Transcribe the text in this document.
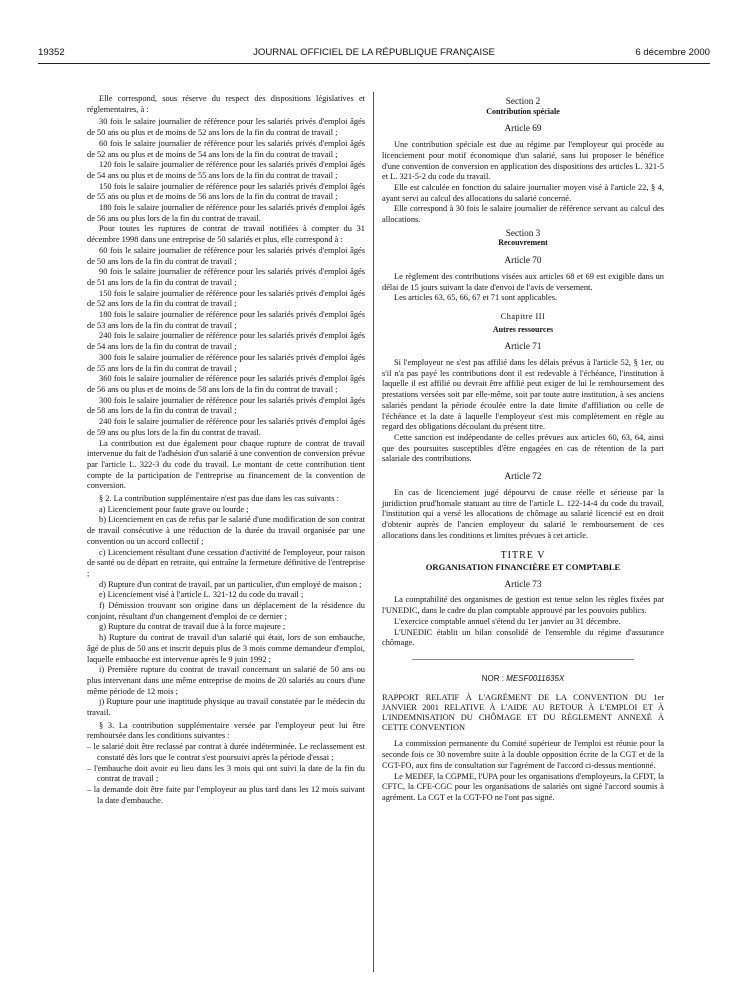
19352	JOURNAL OFFICIEL DE LA RÉPUBLIQUE FRANÇAISE	6 décembre 2000

Elle correspond, sous réserve du respect des dispositions législatives et réglementaires, à :

30 fois le salaire journalier de référence pour les salariés privés d'emploi âgés de 50 ans ou plus et de moins de 52 ans lors de la fin du contrat de travail ;

60 fois le salaire journalier de référence pour les salariés privés d'emploi âgés de 52 ans ou plus et de moins de 54 ans lors de la fin du contrat de travail ;

120 fois le salaire journalier de référence pour les salariés privés d'emploi âgés de 54 ans ou plus et de moins de 55 ans lors de la fin du contrat de travail ;

150 fois le salaire journalier de référence pour les salariés privés d'emploi âgés de 55 ans ou plus et de moins de 56 ans lors de la fin du contrat de travail ;

180 fois le salaire journalier de référence pour les salariés privés d'emploi âgés de 56 ans ou plus lors de la fin du contrat de travail.

Pour toutes les ruptures de contrat de travail notifiées à compter du 31 décembre 1998 dans une entreprise de 50 salariés et plus, elle correspond à :

60 fois le salaire journalier de référence pour les salariés privés d'emploi âgés de 50 ans lors de la fin du contrat de travail ;

90 fois le salaire journalier de référence pour les salariés privés d'emploi âgés de 51 ans lors de la fin du contrat de travail ;

150 fois le salaire journalier de référence pour les salariés privés d'emploi âgés de 52 ans lors de la fin du contrat de travail ;

180 fois le salaire journalier de référence pour les salariés privés d'emploi âgés de 53 ans lors de la fin du contrat de travail ;

240 fois le salaire journalier de référence pour les salariés privés d'emploi âgés de 54 ans lors de la fin du contrat de travail ;

300 fois le salaire journalier de référence pour les salariés privés d'emploi âgés de 55 ans lors de la fin du contrat de travail ;

360 fois le salaire journalier de référence pour les salariés privés d'emploi âgés de 56 ans ou plus et de moins de 58 ans lors de la fin du contrat de travail ;

300 fois le salaire journalier de référence pour les salariés privés d'emploi âgés de 58 ans lors de la fin du contrat de travail ;

240 fois le salaire journalier de référence pour les salariés privés d'emploi âgés de 59 ans ou plus lors de la fin du contrat de travail.

La contribution est due également pour chaque rupture de contrat de travail intervenue du fait de l'adhésion d'un salarié à une convention de conversion prévue par l'article L. 322-3 du code du travail. Le montant de cette contribution tient compte de la participation de l'entreprise au financement de la convention de conversion.

§ 2. La contribution supplémentaire n'est pas due dans les cas suivants :

a) Licenciement pour faute grave ou lourde ;

b) Licenciement en cas de refus par le salarié d'une modification de son contrat de travail consécutive à une réduction de la durée du travail organisée par une convention ou un accord collectif ;

c) Licenciement résultant d'une cessation d'activité de l'employeur, pour raison de santé ou de départ en retraite, qui entraîne la fermeture définitive de l'entreprise ;

d) Rupture d'un contrat de travail, par un particulier, d'un employé de maison ;

e) Licenciement visé à l'article L. 321-12 du code du travail ;

f) Démission trouvant son origine dans un déplacement de la résidence du conjoint, résultant d'un changement d'emploi de ce dernier ;

g) Rupture du contrat de travail due à la force majeure ;

h) Rupture du contrat de travail d'un salarié qui était, lors de son embauche, âgé de plus de 50 ans et inscrit depuis plus de 3 mois comme demandeur d'emploi, laquelle embauche est intervenue après le 9 juin 1992 ;

i) Première rupture du contrat de travail concernant un salarié de 50 ans ou plus intervenant dans une même entreprise de moins de 20 salariés au cours d'une même période de 12 mois ;

j) Rupture pour une inaptitude physique au travail constatée par le médecin du travail.

§ 3. La contribution supplémentaire versée par l'employeur peut lui être remboursée dans les conditions suivantes :

– le salarié doit être reclassé par contrat à durée indéterminée. Le reclassement est constaté dès lors que le contrat s'est poursuivi après la période d'essai ;

– l'embauche doit avoir eu lieu dans les 3 mois qui ont suivi la date de la fin du contrat de travail ;

– la demande doit être faite par l'employeur au plus tard dans les 12 mois suivant la date d'embauche.

Section 2

Contribution spéciale

Article 69

Une contribution spéciale est due au régime par l'employeur qui procède au licenciement pour motif économique d'un salarié, sans lui proposer le bénéfice d'une convention de conversion en application des dispositions des articles L. 321-5 et L. 321-5-2 du code du travail.

Elle est calculée en fonction du salaire journalier moyen visé à l'article 22, § 4, ayant servi au calcul des allocations du salarié concerné.

Elle correspond à 30 fois le salaire journalier de référence servant au calcul des allocations.

Section 3

Recouvrement

Article 70

Le règlement des contributions visées aux articles 68 et 69 est exigible dans un délai de 15 jours suivant la date d'envoi de l'avis de versement.

Les articles 63, 65, 66, 67 et 71 sont applicables.

Chapitre III

Autres ressources

Article 71

Si l'employeur ne s'est pas affilié dans les délais prévus à l'article 52, § 1er, ou s'il n'a pas payé les contributions dont il est redevable à l'échéance, l'institution à laquelle il est affilié ou devrait être affilié peut exiger de lui le remboursement des prestations versées soit par elle-même, soit par toute autre institution, à ses anciens salariés pendant la période écoulée entre la date limite d'affiliation ou celle de l'échéance et la date à laquelle l'employeur s'est mis complètement en règle au regard des obligations découlant du présent titre.

Cette sanction est indépendante de celles prévues aux articles 60, 63, 64, ainsi que des poursuites susceptibles d'être engagées en cas de rétention de la part salariale des contributions.

Article 72

En cas de licenciement jugé dépourvu de cause réelle et sérieuse par la juridiction prud'homale statuant au titre de l'article L. 122-14-4 du code du travail, l'institution qui a versé les allocations de chômage au salarié licencié est en droit d'obtenir auprès de l'ancien employeur du salarié le remboursement de ces allocations dans les conditions et limites prévues à cet article.

TITRE V

ORGANISATION FINANCIÈRE ET COMPTABLE

Article 73

La comptabilité des organismes de gestion est tenue selon les règles fixées par l'UNEDIC, dans le cadre du plan comptable approuvé par les pouvoirs publics.

L'exercice comptable annuel s'étend du 1er janvier au 31 décembre.

L'UNEDIC établit un bilan consolidé de l'ensemble du régime d'assurance chômage.

NOR : MESF0011635X

RAPPORT RELATIF À L'AGRÉMENT DE LA CONVENTION DU 1er JANVIER 2001 RELATIVE À L'AIDE AU RETOUR À L'EMPLOI ET À L'INDEMNISATION DU CHÔMAGE ET DU RÈGLEMENT ANNEXÉ À CETTE CONVENTION

La commission permanente du Comité supérieur de l'emploi est réunie pour la seconde fois ce 30 novembre suite à la double opposition écrite de la CGT et de la CGT-FO, aux fins de consultation sur l'agrément de l'accord ci-dessus mentionné.

Le MEDEF, la CGPME, l'UPA pour les organisations d'employeurs, la CFDT, la CFTC, la CFE-CGC pour les organisations de salariés ont signé l'accord soumis à agrément. La CGT et la CGT-FO ne l'ont pas signé.
